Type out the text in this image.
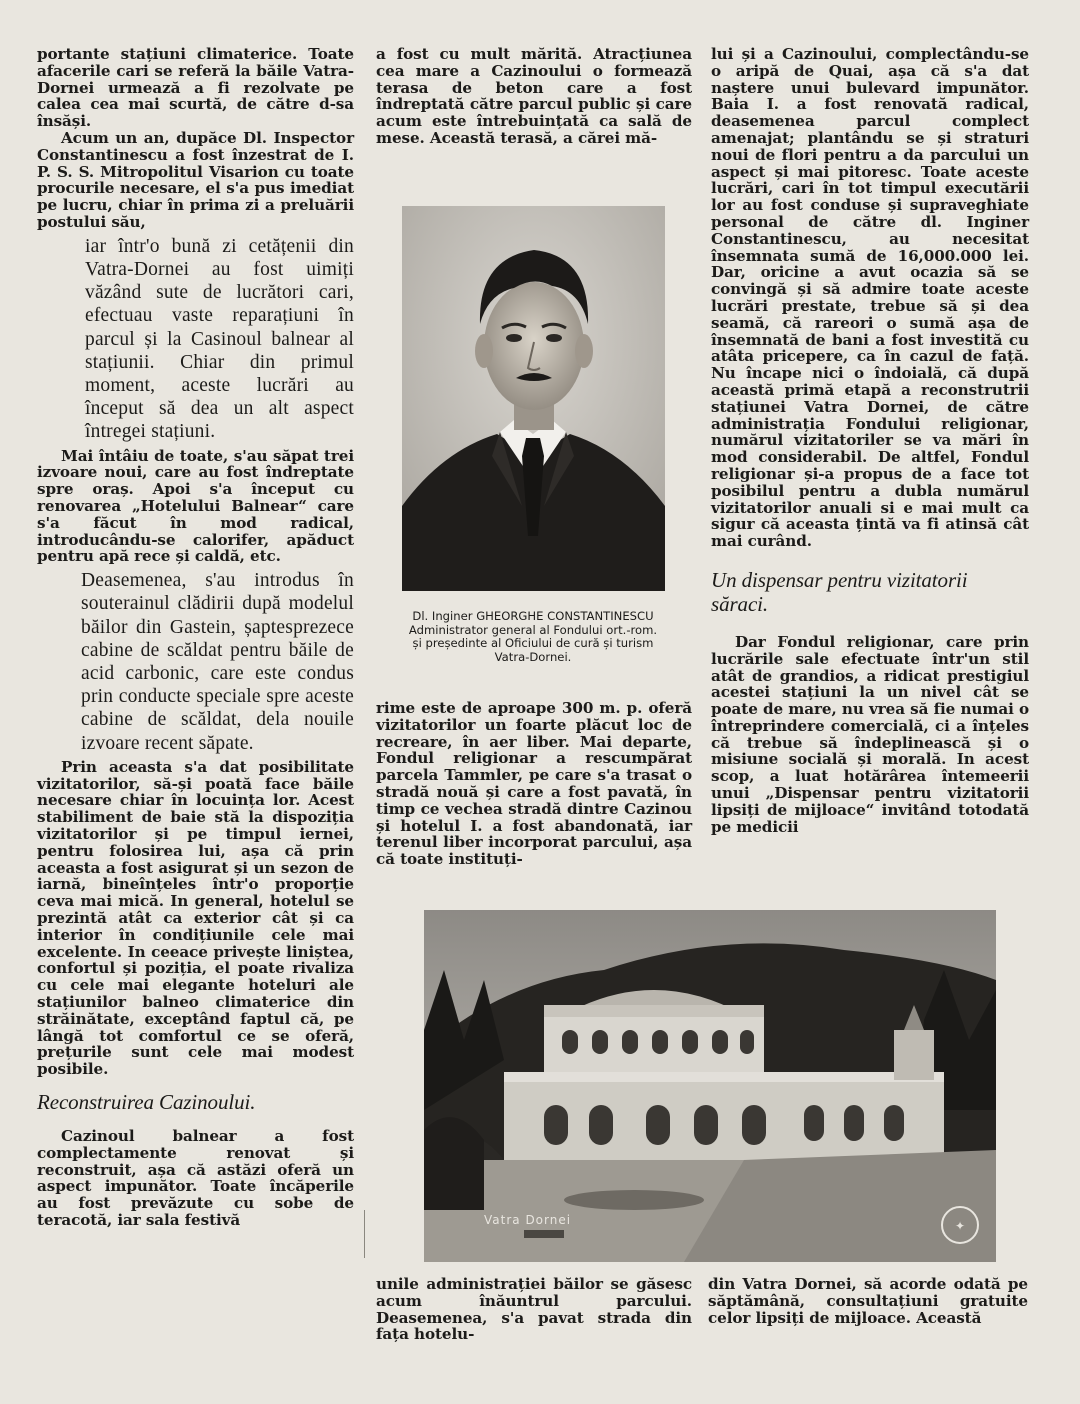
portante stațiuni climaterice. Toate afacerile cari se referă la băile Vatra-Dornei urmează a fi rezolvate pe calea cea mai scurtă, de către d-sa însăși.

Acum un an, dupăce Dl. Inspector Constantinescu a fost înzestrat de I. P. S. S. Mitropolitul Visarion cu toate procurile necesare, el s'a pus imediat pe lucru, chiar în prima zi a preluării postului său,

iar într'o bună zi cetățenii din Vatra-Dornei au fost uimiți văzând sute de lucrători cari, efectuau vaste reparațiuni în parcul și la Casinoul balnear al stațiunii. Chiar din primul moment, aceste lucrări au început să dea un alt aspect întregei stațiuni.

Mai întâiu de toate, s'au săpat trei izvoare noui, care au fost îndreptate spre oraș. Apoi s'a început cu renovarea „Hotelului Balnear“ care s'a făcut în mod radical, introducându-se calorifer, apăduct pentru apă rece și caldă, etc.

Deasemenea, s'au introdus în souterainul clădirii după modelul băilor din Gastein, șaptesprezece cabine de scăldat pentru băile de acid carbonic, care este condus prin conducte speciale spre aceste cabine de scăldat, dela nouile izvoare recent săpate.

Prin aceasta s'a dat posibilitate vizitatorilor, să-și poată face băile necesare chiar în locuința lor. Acest stabiliment de baie stă la dispoziția vizitatorilor și pe timpul iernei, pentru folosirea lui, așa că prin aceasta a fost asigurat și un sezon de iarnă, bineînțeles într'o proporție ceva mai mică. In general, hotelul se prezintă atât ca exterior cât și ca interior în condițiunile cele mai excelente. In ceeace privește liniștea, confortul și poziția, el poate rivaliza cu cele mai elegante hoteluri ale stațiunilor balneo climaterice din străinătate, exceptând faptul că, pe lângă tot comfortul ce se oferă, prețurile sunt cele mai modest posibile.

Reconstruirea Cazinoului.

Cazinoul balnear a fost complectamente renovat și reconstruit, așa că astăzi oferă un aspect impunător. Toate încăperile au fost prevăzute cu sobe de teracotă, iar sala festivă

a fost cu mult mărită. Atracțiunea cea mare a Cazinoului o formează terasa de beton care a fost îndreptată către parcul public și care acum este întrebuințată ca sală de mese. Această terasă, a cărei mă-

Dl. Inginer GHEORGHE CONSTANTINESCU
Administrator general al Fondului ort.-rom.
și președinte al Oficiului de cură și turism
Vatra-Dornei.

rime este de aproape 300 m. p. oferă vizitatorilor un foarte plăcut loc de recreare, în aer liber. Mai departe, Fondul religionar a rescumpărat parcela Tammler, pe care s'a trasat o stradă nouă și care a fost pavată, în timp ce vechea stradă dintre Cazinou și hotelul I. a fost abandonată, iar terenul liber incorporat parcului, așa că toate instituți-

lui și a Cazinoului, complectându-se o aripă de Quai, așa că s'a dat naștere unui bulevard impunător. Baia I. a fost renovată radical, deasemenea parcul complect amenajat; plantându se și straturi noui de flori pentru a da parcului un aspect și mai pitoresc. Toate aceste lucrări, cari în tot timpul executării lor au fost conduse și supraveghiate personal de către dl. Inginer Constantinescu, au necesitat însemnata sumă de 16,000.000 lei. Dar, oricine a avut ocazia să se convingă și să admire toate aceste lucrări prestate, trebue să și dea seamă, că rareori o sumă așa de însemnată de bani a fost investită cu atâta pricepere, ca în cazul de față. Nu încape nici o îndoială, că după această primă etapă a reconstrutrii stațiunei Vatra Dornei, de către administrația Fondului religionar, numărul vizitatoriler se va mări în mod considerabil. De altfel, Fondul religionar și-a propus de a face tot posibilul pentru a dubla numărul vizitatorilor anuali si e mai mult ca sigur că aceasta țintă va fi atinsă cât mai curând.

Un dispensar pentru vizitatorii săraci.

Dar Fondul religionar, care prin lucrările sale efectuate într'un stil atât de grandios, a ridicat prestigiul acestei stațiuni la un nivel cât se poate de mare, nu vrea să fie numai o întreprindere comercială, ci a înțeles că trebue să îndeplinească și o misiune socială și morală. In acest scop, a luat hotărârea întemeerii unui „Dispensar pentru vizitatorii lipsiți de mijloace“ invitând totodată pe medicii

✦
Vatra Dornei

unile administrației băilor se găsesc acum înăuntrul parcului. Deasemenea, s'a pavat strada din fața hotelu-

din Vatra Dornei, să acorde odată pe săptămână, consultațiuni gratuite celor lipsiți de mijloace. Această
